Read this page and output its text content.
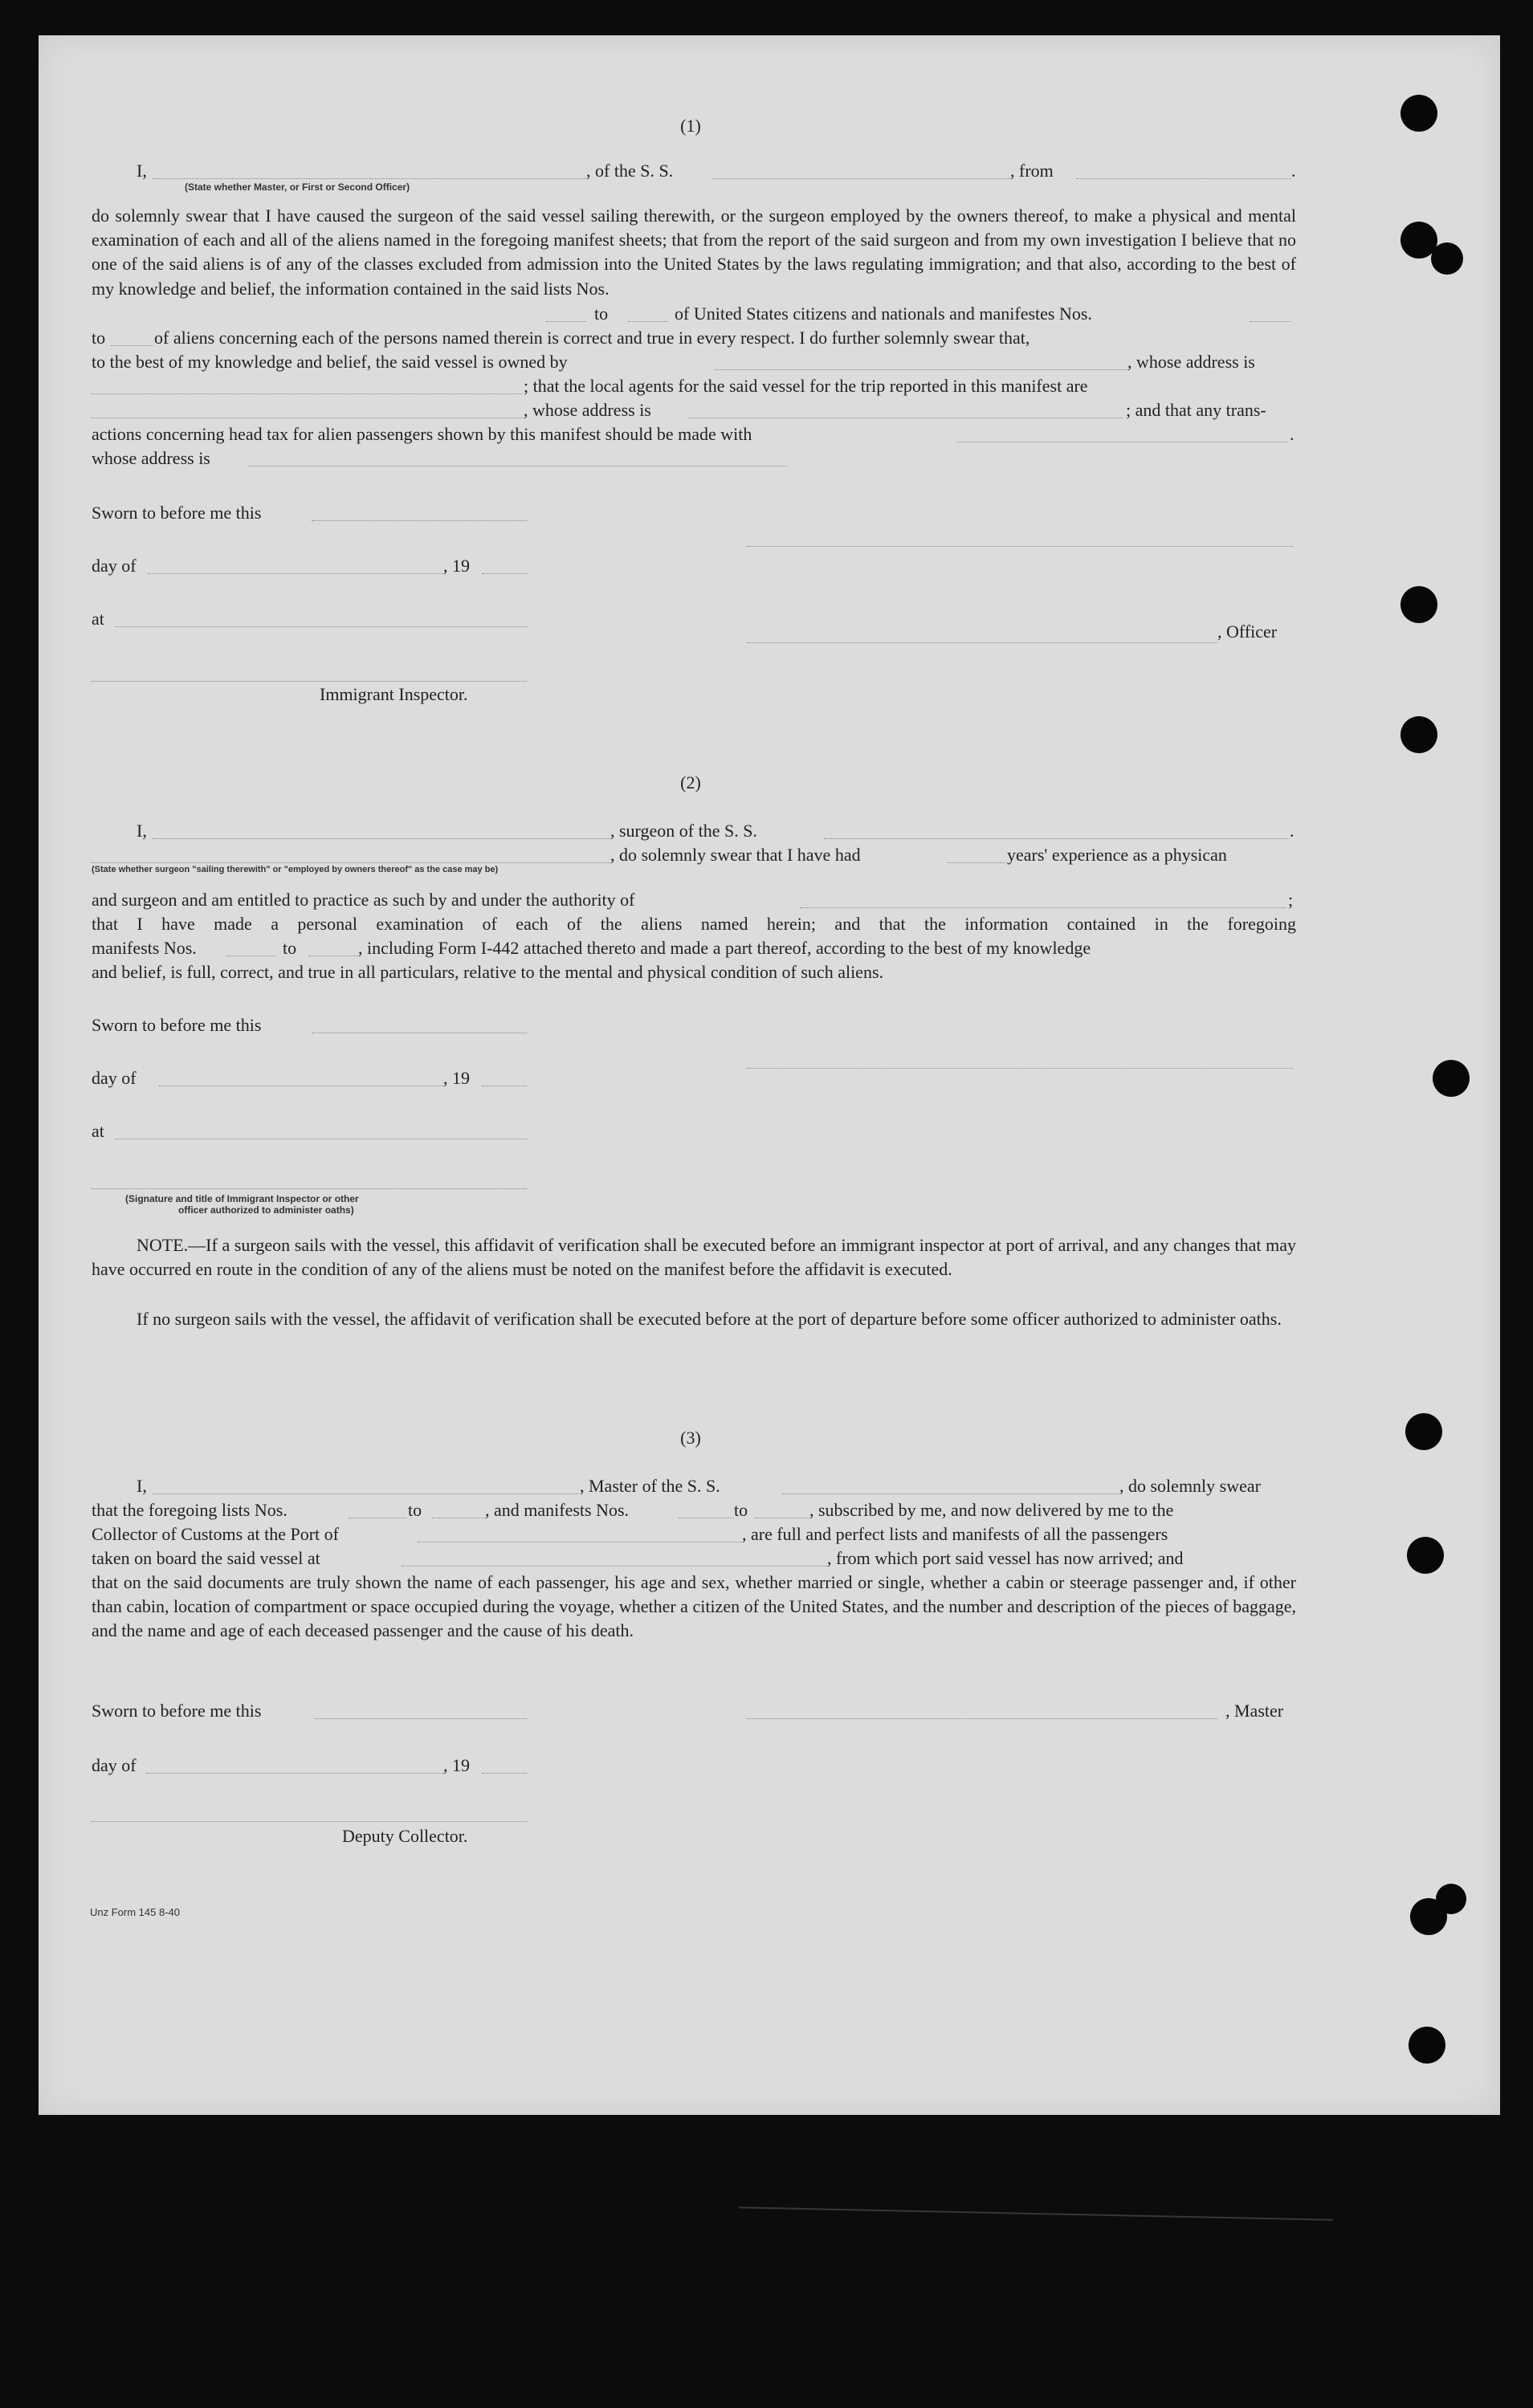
(1)
I,	, of the S. S.	, from	.
(State whether Master, or First or Second Officer)
do solemnly swear that I have caused the surgeon of the said vessel sailing therewith, or the surgeon employed by the owners thereof, to make a physical and mental examination of each and all of the aliens named in the foregoing manifest sheets; that from the report of the said surgeon and from my own investigation I believe that no one of the said aliens is of any of the classes excluded from admission into the United States by the laws regulating immigration; and that also, according to the best of my knowledge and belief, the information contained in the said lists Nos.
to	of United States citizens and nationals and manifestes Nos.
to	of aliens concerning each of the persons named therein is correct and true in every respect. I do further solemnly swear that,
to the best of my knowledge and belief, the said vessel is owned by	, whose address is
; that the local agents for the said vessel for the trip reported in this manifest are
, whose address is	; and that any trans-
actions concerning head tax for alien passengers shown by this manifest should be made with	.
whose address is
Sworn to before me this
day of	, 19
at
, Officer
Immigrant Inspector.
(2)
I,	, surgeon of the S. S.	.
, do solemnly swear that I have had	years' experience as a physican
(State whether surgeon "sailing therewith" or "employed by owners thereof" as the case may be)
and surgeon and am entitled to practice as such by and under the authority of	;
that I have made a personal examination of each of the aliens named herein; and that the information contained in the foregoing
manifests Nos.	to	, including Form I-442 attached thereto and made a part thereof, according to the best of my knowledge
and belief, is full, correct, and true in all particulars, relative to the mental and physical condition of such aliens.
Sworn to before me this
day of	, 19
at
(Signature and title of Immigrant Inspector or other
officer authorized to administer oaths)
NOTE.—If a surgeon sails with the vessel, this affidavit of verification shall be executed before an immigrant inspector at port of arrival, and any changes that may have occurred en route in the condition of any of the aliens must be noted on the manifest before the affidavit is executed.
If no surgeon sails with the vessel, the affidavit of verification shall be executed before at the port of departure before some officer authorized to administer oaths.
(3)
I,	, Master of the S. S.	, do solemnly swear
that the foregoing lists Nos.	to	, and manifests Nos.	to	, subscribed by me, and now delivered by me to the
Collector of Customs at the Port of	, are full and perfect lists and manifests of all the passengers
taken on board the said vessel at	, from which port said vessel has now arrived; and
that on the said documents are truly shown the name of each passenger, his age and sex, whether married or single, whether a cabin or steerage passenger and, if other than cabin, location of compartment or space occupied during the voyage, whether a citizen of the United States, and the number and description of the pieces of baggage, and the name and age of each deceased passenger and the cause of his death.
Sworn to before me this	, Master
day of	, 19
Deputy Collector.
Unz Form 145 8-40
